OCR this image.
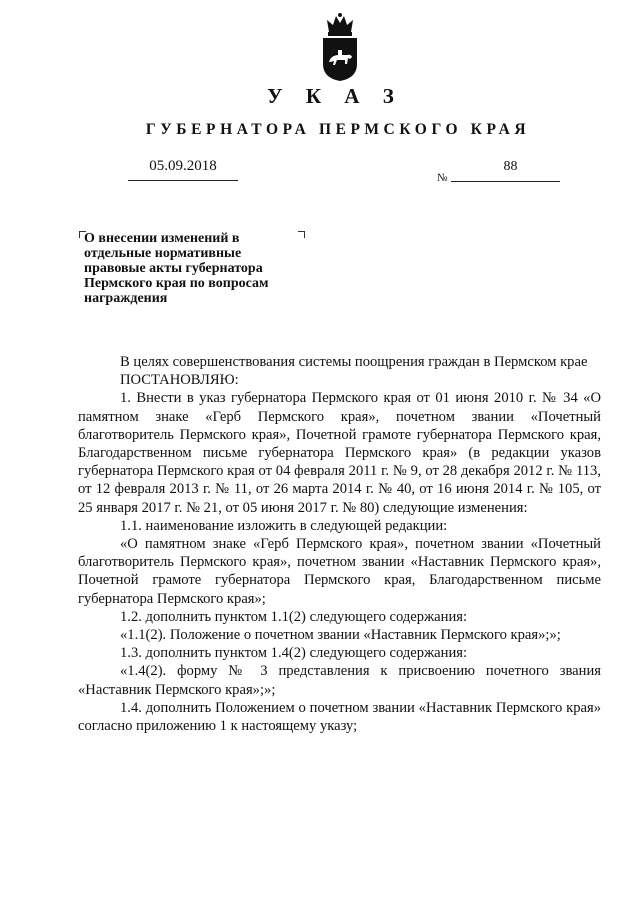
У К А З
ГУБЕРНАТОРА ПЕРМСКОГО КРАЯ
05.09.2018
№
88

О внесении изменений в отдельные нормативные правовые акты губернатора Пермского края по вопросам награждения

В целях совершенствования системы поощрения граждан в Пермском крае

ПОСТАНОВЛЯЮ:

1. Внести в указ губернатора Пермского края от 01 июня 2010 г. № 34 «О памятном знаке «Герб Пермского края», почетном звании «Почетный благотворитель Пермского края», Почетной грамоте губернатора Пермского края, Благодарственном письме губернатора Пермского края» (в редакции указов губернатора Пермского края от 04 февраля 2011 г. № 9, от 28 декабря 2012 г. № 113, от 12 февраля 2013 г. № 11, от 26 марта 2014 г. № 40, от 16 июня 2014 г. № 105, от 25 января 2017 г. № 21, от 05 июня 2017 г. № 80) следующие изменения:

1.1. наименование изложить в следующей редакции:

«О памятном знаке «Герб Пермского края», почетном звании «Почетный благотворитель Пермского края», почетном звании «Наставник Пермского края», Почетной грамоте губернатора Пермского края, Благодарственном письме губернатора Пермского края»;

1.2. дополнить пунктом 1.1(2) следующего содержания:

«1.1(2). Положение о почетном звании «Наставник Пермского края»;»;

1.3. дополнить пунктом 1.4(2) следующего содержания:

«1.4(2). форму № 3 представления к присвоению почетного звания «Наставник Пермского края»;»;

1.4. дополнить Положением о почетном звании «Наставник Пермского края» согласно приложению 1 к настоящему указу;
